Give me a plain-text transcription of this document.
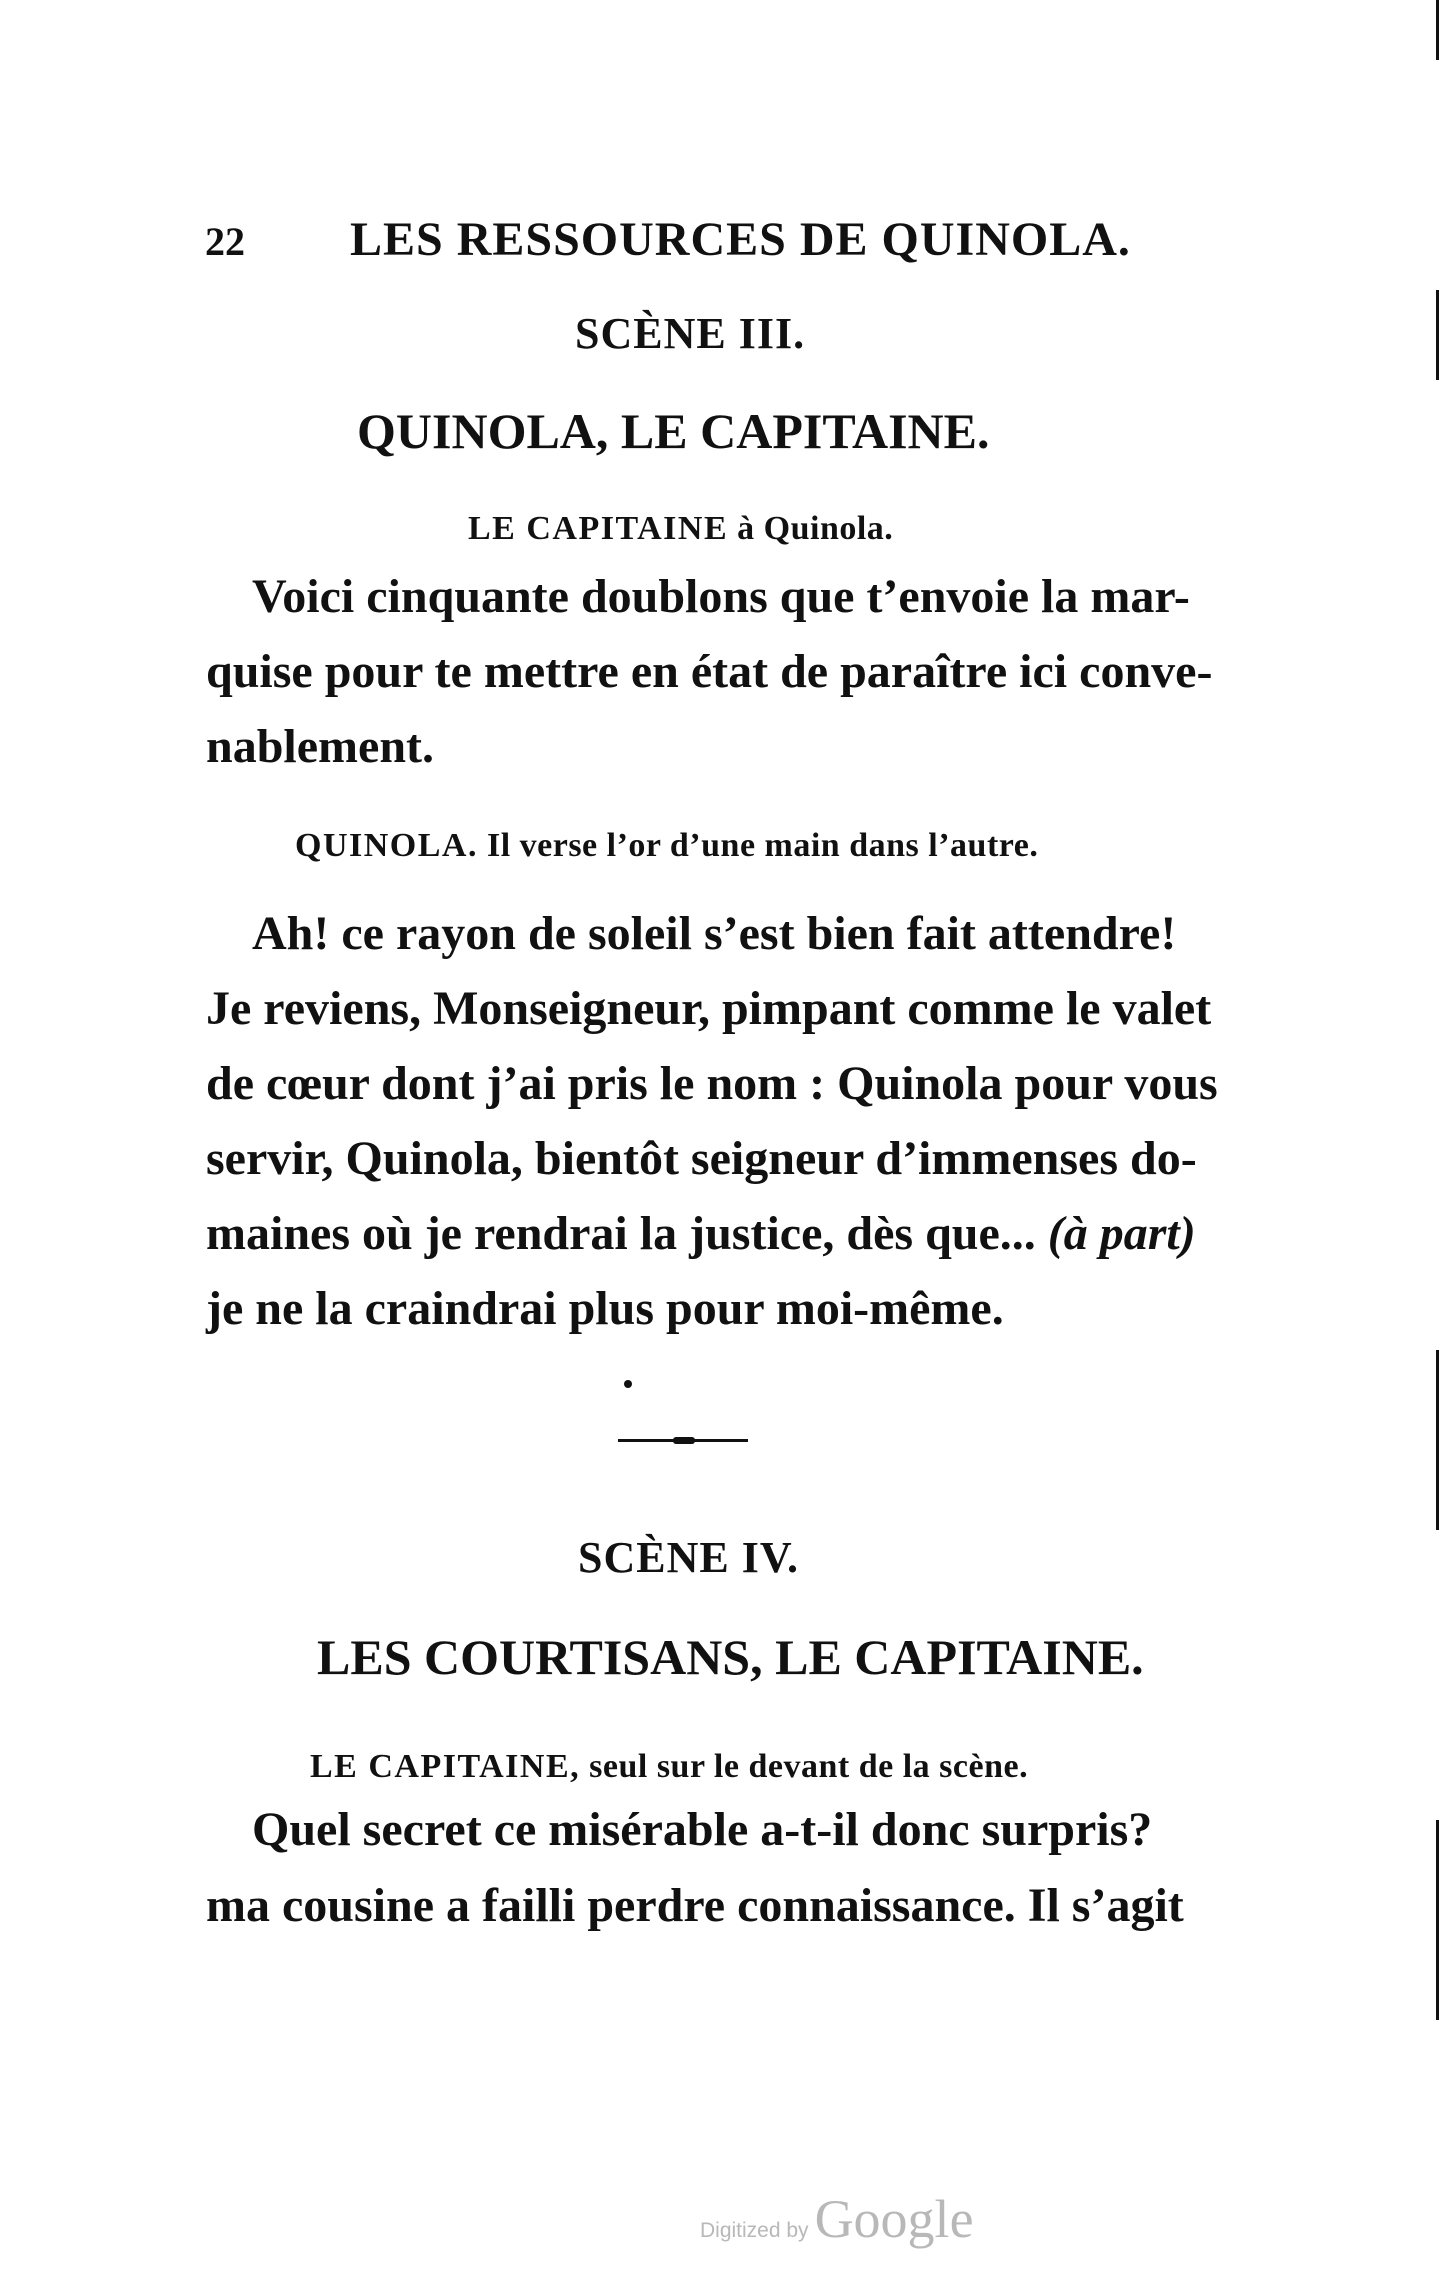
22 LES RESSOURCES DE QUINOLA.
SCÈNE III.
QUINOLA, LE CAPITAINE.
LE CAPITAINE à Quinola.
Voici cinquante doublons que t’envoie la mar-
quise pour te mettre en état de paraître ici conve-
nablement.
QUINOLA. Il verse l’or d’une main dans l’autre.
Ah! ce rayon de soleil s’est bien fait attendre!
Je reviens, Monseigneur, pimpant comme le valet
de cœur dont j’ai pris le nom : Quinola pour vous
servir, Quinola, bientôt seigneur d’immenses do-
maines où je rendrai la justice, dès que... (à part)
je ne la craindrai plus pour moi-même.
SCÈNE IV.
LES COURTISANS, LE CAPITAINE.
LE CAPITAINE, seul sur le devant de la scène.
Quel secret ce misérable a-t-il donc surpris?
ma cousine a failli perdre connaissance. Il s’agit
Digitized by Google
